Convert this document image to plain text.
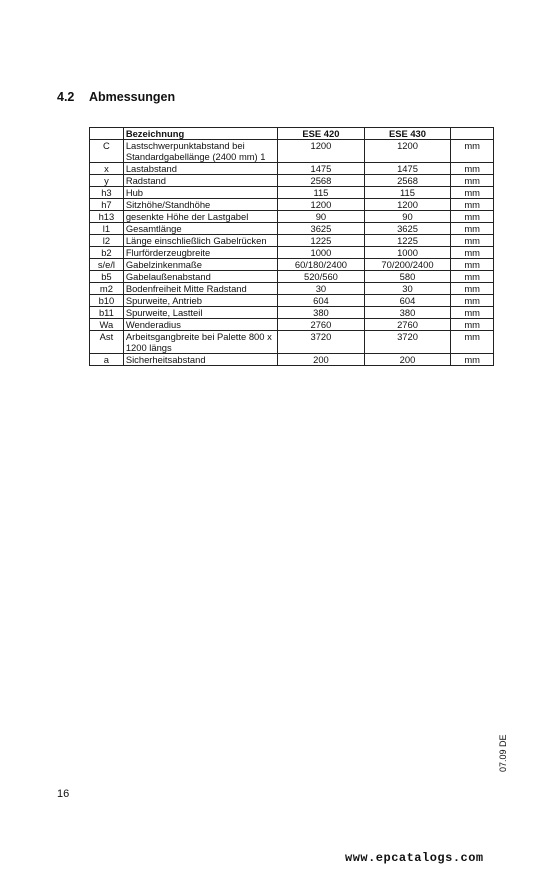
4.2 Abmessungen
	Bezeichnung	ESE 420	ESE 430	
C	Lastschwerpunktabstand bei Standardgabellänge (2400 mm) 1	1200	1200	mm
x	Lastabstand	1475	1475	mm
y	Radstand	2568	2568	mm
h3	Hub	115	115	mm
h7	Sitzhöhe/Standhöhe	1200	1200	mm
h13	gesenkte Höhe der Lastgabel	90	90	mm
l1	Gesamtlänge	3625	3625	mm
l2	Länge einschließlich Gabelrücken	1225	1225	mm
b2	Flurförderzeugbreite	1000	1000	mm
s/e/l	Gabelzinkenmaße	60/180/2400	70/200/2400	mm
b5	Gabelaußenabstand	520/560	580	mm
m2	Bodenfreiheit Mitte Radstand	30	30	mm
b10	Spurweite, Antrieb	604	604	mm
b11	Spurweite, Lastteil	380	380	mm
Wa	Wenderadius	2760	2760	mm
Ast	Arbeitsgangbreite bei Palette 800 x 1200 längs	3720	3720	mm
a	Sicherheitsabstand	200	200	mm
07.09 DE
16
www.epcatalogs.com
